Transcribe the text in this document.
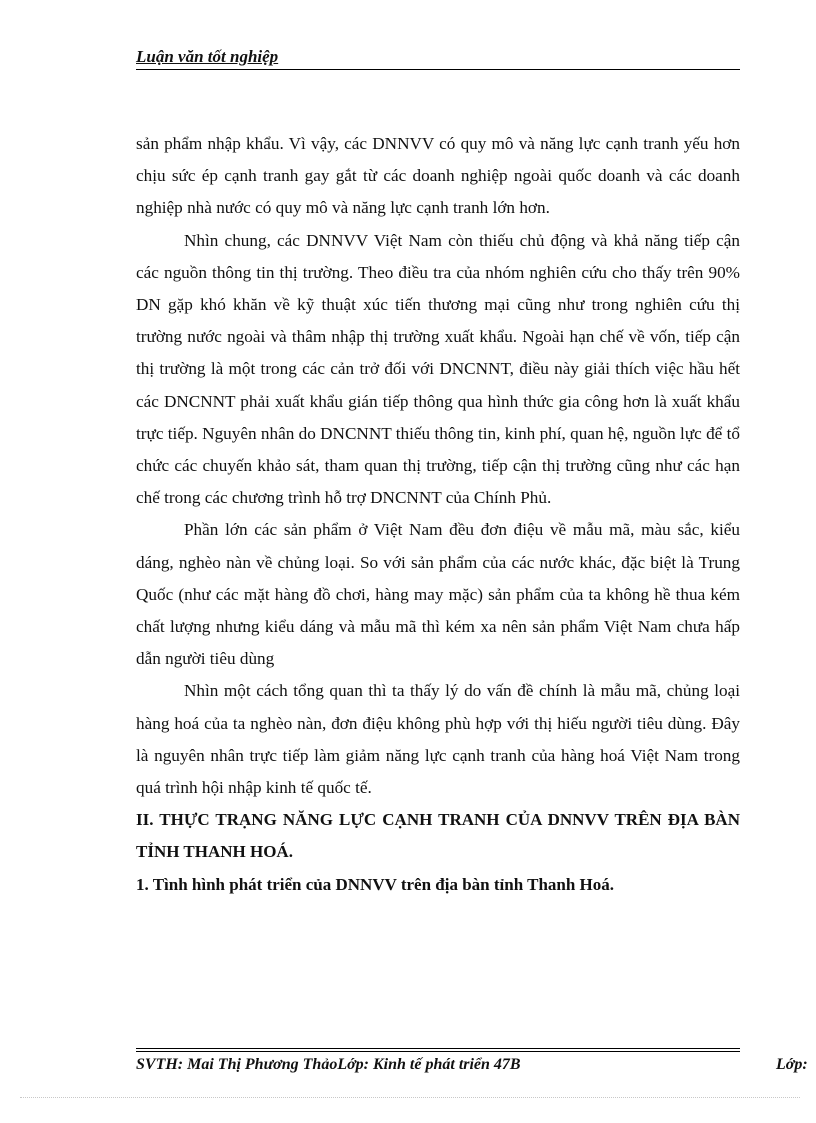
Luận văn tốt nghiệp

sản phẩm nhập khẩu. Vì vậy, các DNNVV có quy mô và năng lực cạnh tranh yếu hơn chịu sức ép cạnh tranh gay gắt từ các doanh nghiệp ngoài quốc doanh và các doanh nghiệp nhà nước có quy mô và năng lực cạnh tranh lớn hơn.

Nhìn chung, các DNNVV Việt Nam còn thiếu chủ động và khả năng tiếp cận các nguồn thông tin thị trường. Theo điều tra của nhóm nghiên cứu cho thấy trên 90% DN gặp khó khăn về kỹ thuật xúc tiến thương mại cũng như trong nghiên cứu thị trường nước ngoài và thâm nhập thị trường xuất khẩu. Ngoài hạn chế về vốn, tiếp cận thị trường là một trong các cản trở đối với DNCNNT, điều này giải thích việc hầu hết các DNCNNT phải xuất khẩu gián tiếp thông qua hình thức gia công hơn là xuất khẩu trực tiếp. Nguyên nhân do DNCNNT thiếu thông tin, kinh phí, quan hệ, nguồn lực để tổ chức các chuyến khảo sát, tham quan thị trường, tiếp cận thị trường cũng như các hạn chế trong các chương trình hỗ trợ DNCNNT của Chính Phủ.

Phần lớn các sản phẩm ở Việt Nam đều đơn điệu về mẫu mã, màu sắc, kiểu dáng, nghèo nàn về chủng loại. So với sản phẩm của các nước khác, đặc biệt là Trung Quốc (như các mặt hàng đồ chơi, hàng may mặc) sản phẩm của ta không hề thua kém chất lượng nhưng kiểu dáng và mẫu mã thì kém xa nên sản phẩm Việt Nam chưa hấp dẫn người tiêu dùng

Nhìn một cách tổng quan thì ta thấy lý do vấn đề chính là mẫu mã, chủng loại hàng hoá của ta nghèo nàn, đơn điệu không phù hợp với thị hiếu người tiêu dùng. Đây là nguyên nhân trực tiếp làm giảm năng lực cạnh tranh của hàng hoá Việt Nam trong quá trình hội nhập kinh tế quốc tế.

II. THỰC TRẠNG NĂNG LỰC CẠNH TRANH CỦA DNNVV TRÊN ĐỊA BÀN TỈNH THANH HOÁ.

1. Tình hình phát triển của DNNVV trên địa bàn tỉnh Thanh Hoá.

SVTH: Mai Thị Phương ThảoLớp: Kinh tế phát triển 47B	Lớp:
